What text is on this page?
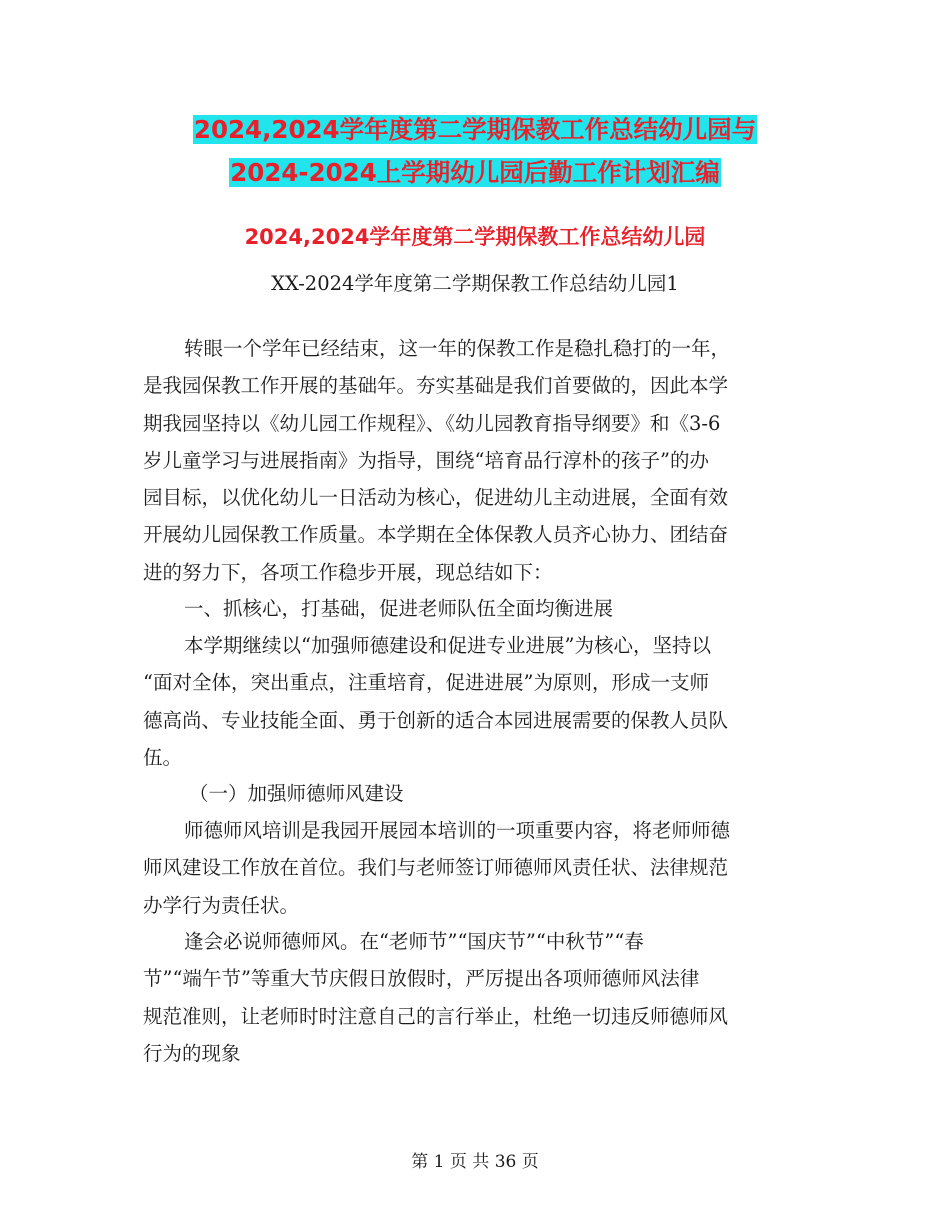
2024,2024学年度第二学期保教工作总结幼儿园与
2024-2024上学期幼儿园后勤工作计划汇编
2024,2024学年度第二学期保教工作总结幼儿园
XX-2024学年度第二学期保教工作总结幼儿园1

转眼一个学年已经结束，这一年的保教工作是稳扎稳打的一年，
是我园保教工作开展的基础年。夯实基础是我们首要做的，因此本学
期我园坚持以《幼儿园工作规程》、《幼儿园教育指导纲要》和《3-6
岁儿童学习与进展指南》为指导，围绕“培育品行淳朴的孩子”的办
园目标，以优化幼儿一日活动为核心，促进幼儿主动进展，全面有效
开展幼儿园保教工作质量。本学期在全体保教人员齐心协力、团结奋
进的努力下，各项工作稳步开展，现总结如下：

一、抓核心，打基础，促进老师队伍全面均衡进展

本学期继续以“加强师德建设和促进专业进展”为核心，坚持以
“面对全体，突出重点，注重培育，促进进展”为原则，形成一支师
德高尚、专业技能全面、勇于创新的适合本园进展需要的保教人员队
伍。

（一）加强师德师风建设

师德师风培训是我园开展园本培训的一项重要内容，将老师师德
师风建设工作放在首位。我们与老师签订师德师风责任状、法律规范
办学行为责任状。

逢会必说师德师风。在“老师节”“国庆节”“中秋节”“春
节”“端午节”等重大节庆假日放假时，严厉提出各项师德师风法律
规范准则，让老师时时注意自己的言行举止，杜绝一切违反师德师风
行为的现象

第 1 页 共 36 页
